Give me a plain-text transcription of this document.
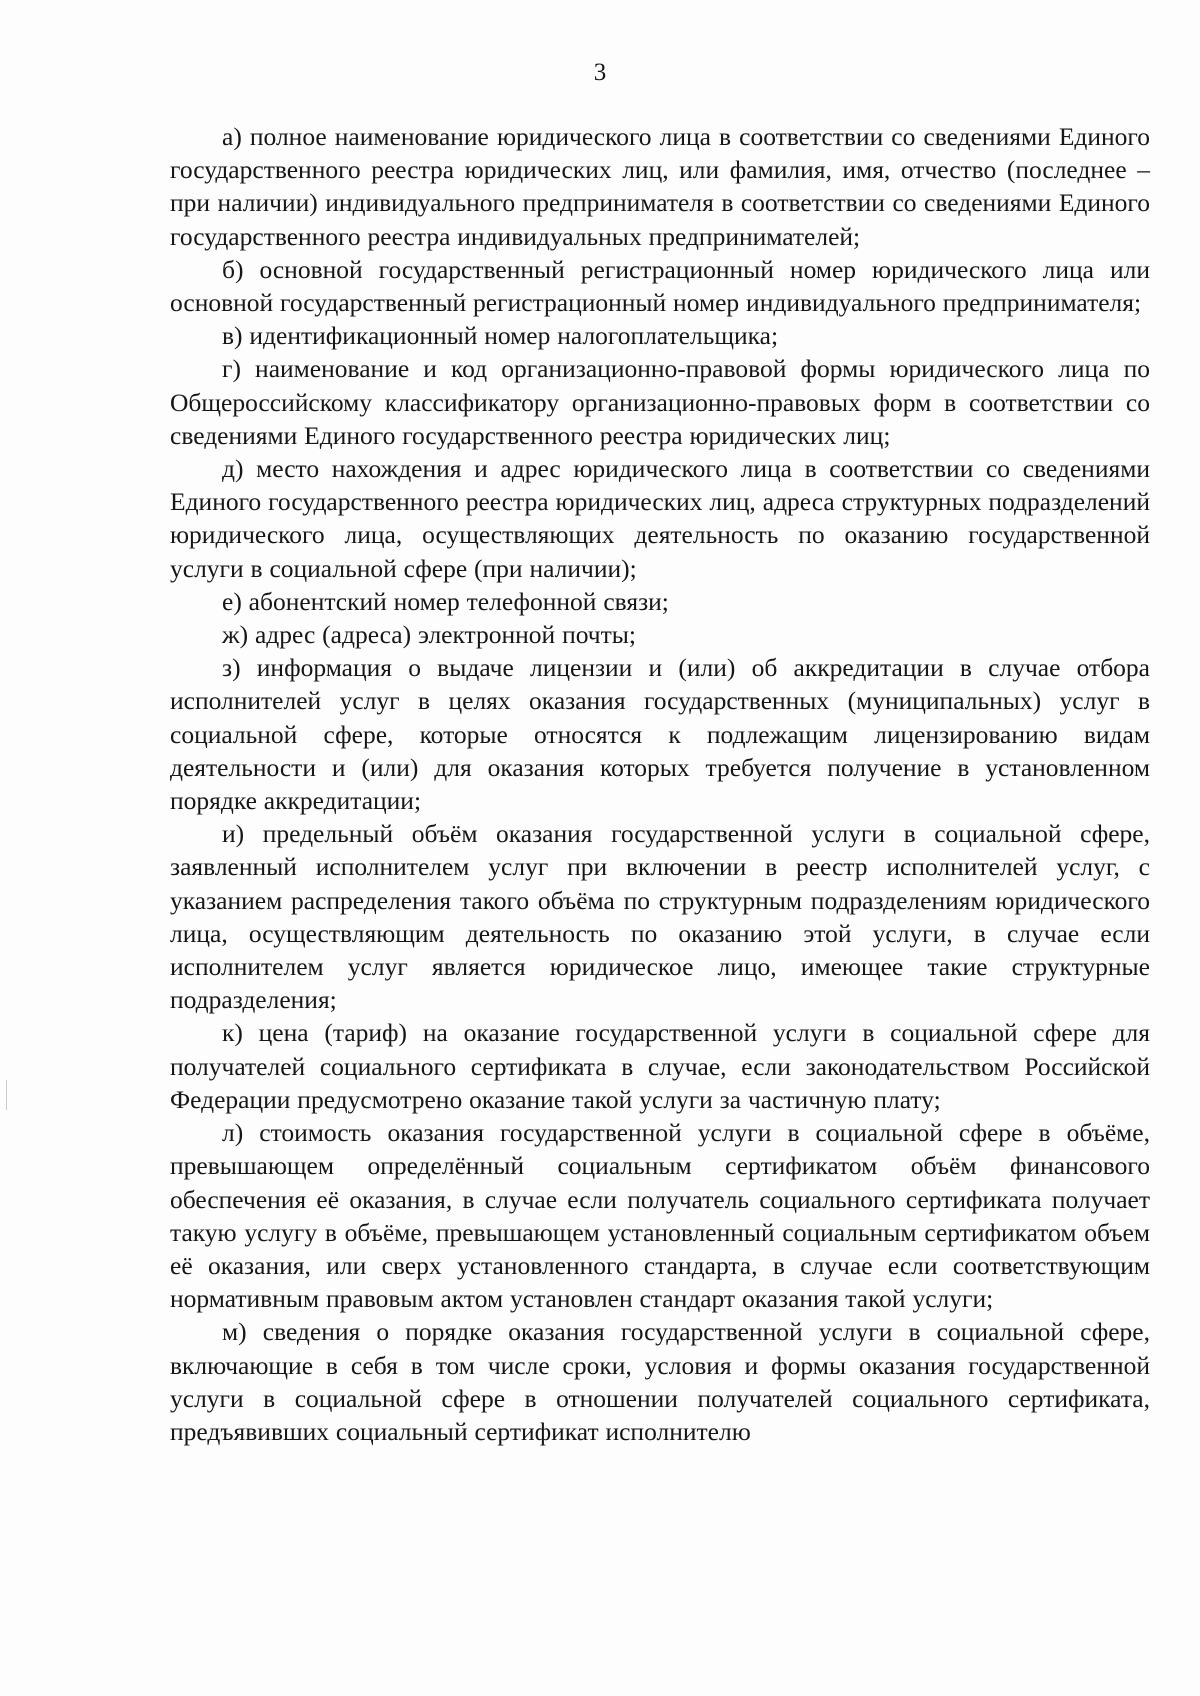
3

а) полное наименование юридического лица в соответствии со сведениями Единого государственного реестра юридических лиц, или фамилия, имя, отчество (последнее – при наличии) индивидуального предпринимателя в соответствии со сведениями Единого государственного реестра индивидуальных предпринимателей;

б) основной государственный регистрационный номер юридического лица или основной государственный регистрационный номер индивидуального предпринимателя;

в) идентификационный номер налогоплательщика;

г) наименование и код организационно-правовой формы юридического лица по Общероссийскому классификатору организационно-правовых форм в соответствии со сведениями Единого государственного реестра юридических лиц;

д) место нахождения и адрес юридического лица в соответствии со сведениями Единого государственного реестра юридических лиц, адреса структурных подразделений юридического лица, осуществляющих деятельность по оказанию государственной услуги в социальной сфере (при наличии);

е) абонентский номер телефонной связи;

ж) адрес (адреса) электронной почты;

з) информация о выдаче лицензии и (или) об аккредитации в случае отбора исполнителей услуг в целях оказания государственных (муниципальных) услуг в социальной сфере, которые относятся к подлежащим лицензированию видам деятельности и (или) для оказания которых требуется получение в установленном порядке аккредитации;

и) предельный объём оказания государственной услуги в социальной сфере, заявленный исполнителем услуг при включении в реестр исполнителей услуг, с указанием распределения такого объёма по структурным подразделениям юридического лица, осуществляющим деятельность по оказанию этой услуги, в случае если исполнителем услуг является юридическое лицо, имеющее такие структурные подразделения;

к) цена (тариф) на оказание государственной услуги в социальной сфере для получателей социального сертификата в случае, если законодательством Российской Федерации предусмотрено оказание такой услуги за частичную плату;

л) стоимость оказания государственной услуги в социальной сфере в объёме, превышающем определённый социальным сертификатом объём финансового обеспечения её оказания, в случае если получатель социального сертификата получает такую услугу в объёме, превышающем установленный социальным сертификатом объем её оказания, или сверх установленного стандарта, в случае если соответствующим нормативным правовым актом установлен стандарт оказания такой услуги;

м) сведения о порядке оказания государственной услуги в социальной сфере, включающие в себя в том числе сроки, условия и формы оказания государственной услуги в социальной сфере в отношении получателей социального сертификата, предъявивших социальный сертификат исполнителю
